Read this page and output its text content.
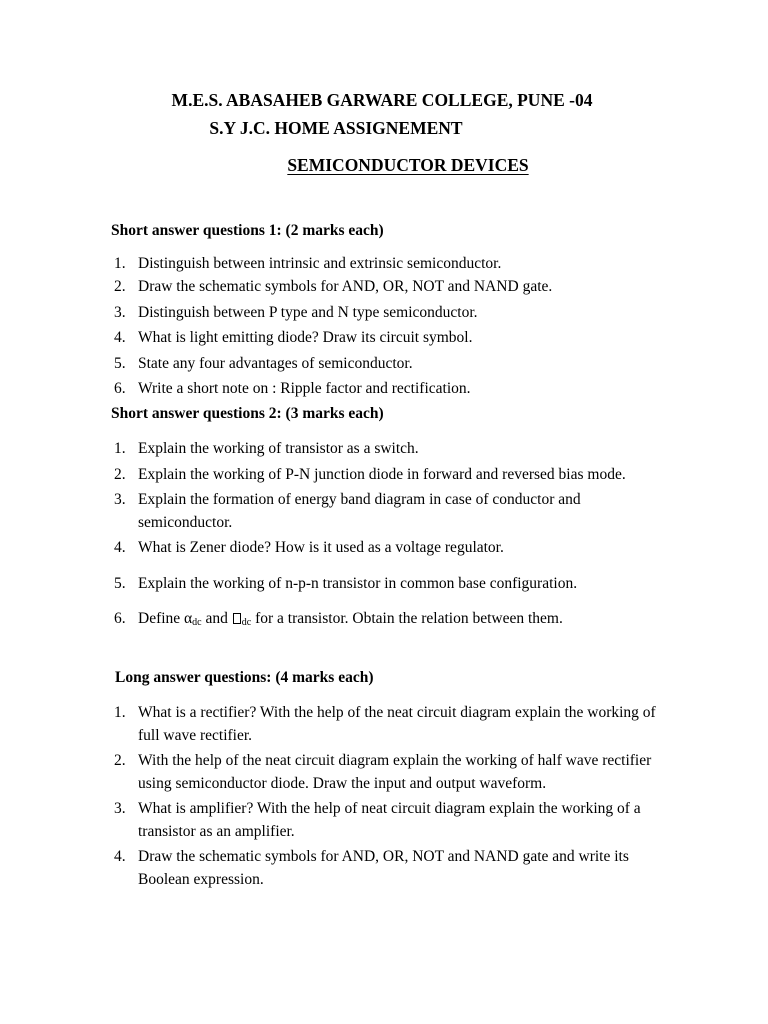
M.E.S. ABASAHEB GARWARE COLLEGE, PUNE -04
S.Y J.C. HOME ASSIGNEMENT
SEMICONDUCTOR DEVICES
Short answer questions 1: (2 marks each)
1. Distinguish between intrinsic and extrinsic semiconductor.
2. Draw the schematic symbols for AND, OR, NOT and NAND gate.
3. Distinguish between P type and N type semiconductor.
4. What is light emitting diode? Draw its circuit symbol.
5. State any four advantages of semiconductor.
6. Write a short note on : Ripple factor and rectification.
Short answer questions 2: (3 marks each)
1. Explain the working of transistor as a switch.
2. Explain the working of P-N junction diode in forward and reversed bias mode.
3. Explain the formation of energy band diagram in case of conductor and semiconductor.
4. What is Zener diode? How is it used as a voltage regulator.
5. Explain the working of n-p-n transistor in common base configuration.
6. Define $\alpha_{dc}$ and $_{dc}$ for a transistor. Obtain the relation between them.
Long answer questions: (4 marks each)
1. What is a rectifier? With the help of the neat circuit diagram explain the working of full wave rectifier.
2. With the help of the neat circuit diagram explain the working of half wave rectifier using semiconductor diode. Draw the input and output waveform.
3. What is amplifier? With the help of neat circuit diagram explain the working of a transistor as an amplifier.
4. Draw the schematic symbols for AND, OR, NOT and NAND gate and write its Boolean expression.
